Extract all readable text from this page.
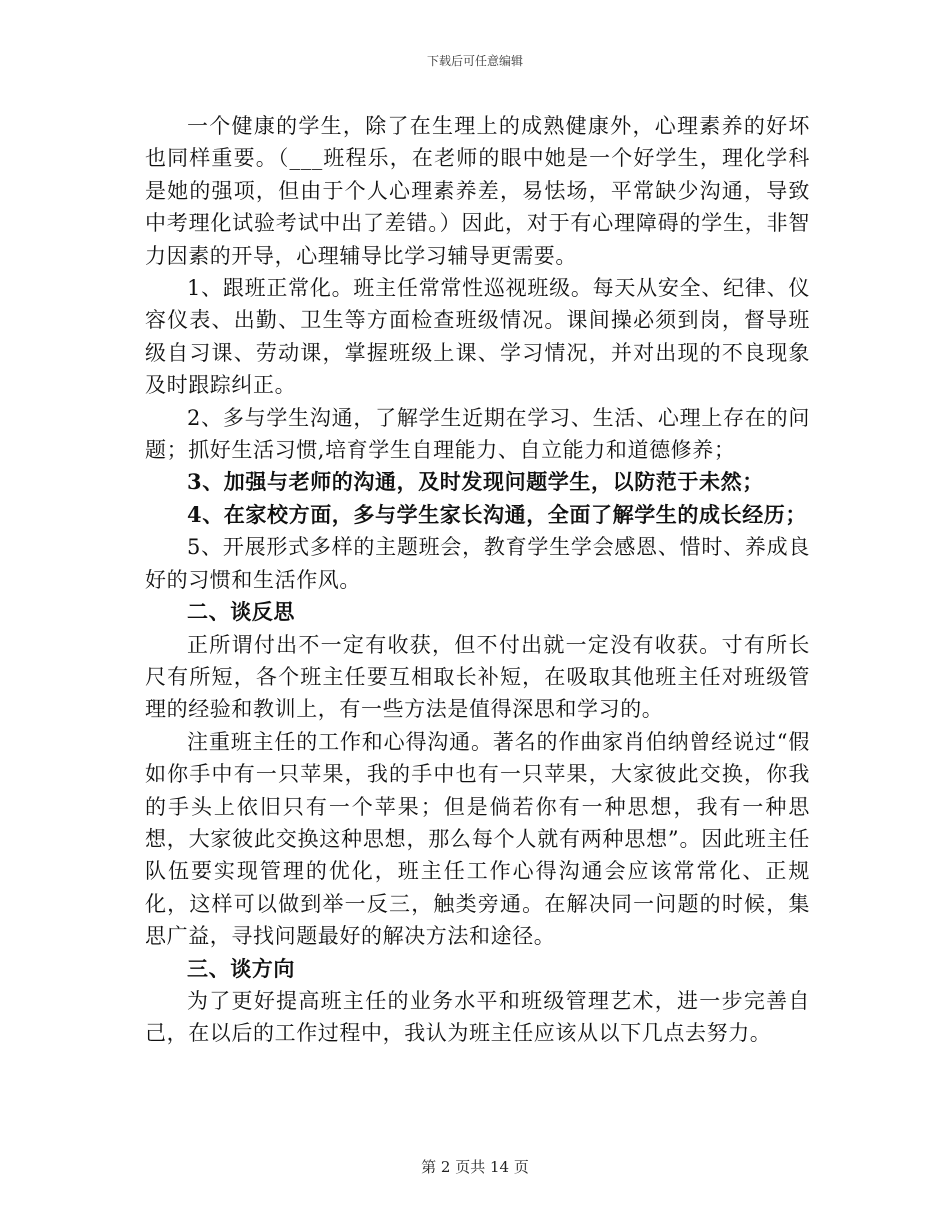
下载后可任意编辑

一个健康的学生，除了在生理上的成熟健康外，心理素养的好坏也同样重要。（___班程乐，在老师的眼中她是一个好学生，理化学科是她的强项，但由于个人心理素养差，易怯场，平常缺少沟通，导致中考理化试验考试中出了差错。）因此，对于有心理障碍的学生，非智力因素的开导，心理辅导比学习辅导更需要。

1、跟班正常化。班主任常常性巡视班级。每天从安全、纪律、仪容仪表、出勤、卫生等方面检查班级情况。课间操必须到岗，督导班级自习课、劳动课，掌握班级上课、学习情况，并对出现的不良现象及时跟踪纠正。

2、多与学生沟通，了解学生近期在学习、生活、心理上存在的问题；抓好生活习惯,培育学生自理能力、自立能力和道德修养；

3、加强与老师的沟通，及时发现问题学生，以防范于未然；

4、在家校方面，多与学生家长沟通，全面了解学生的成长经历；

5、开展形式多样的主题班会，教育学生学会感恩、惜时、养成良好的习惯和生活作风。

二、谈反思

正所谓付出不一定有收获，但不付出就一定没有收获。寸有所长尺有所短，各个班主任要互相取长补短，在吸取其他班主任对班级管理的经验和教训上，有一些方法是值得深思和学习的。

注重班主任的工作和心得沟通。著名的作曲家肖伯纳曾经说过“假如你手中有一只苹果，我的手中也有一只苹果，大家彼此交换，你我的手头上依旧只有一个苹果；但是倘若你有一种思想，我有一种思想，大家彼此交换这种思想，那么每个人就有两种思想”。因此班主任队伍要实现管理的优化，班主任工作心得沟通会应该常常化、正规化，这样可以做到举一反三，触类旁通。在解决同一问题的时候，集思广益，寻找问题最好的解决方法和途径。

三、谈方向

为了更好提高班主任的业务水平和班级管理艺术，进一步完善自己，在以后的工作过程中，我认为班主任应该从以下几点去努力。

第 2 页共 14 页
